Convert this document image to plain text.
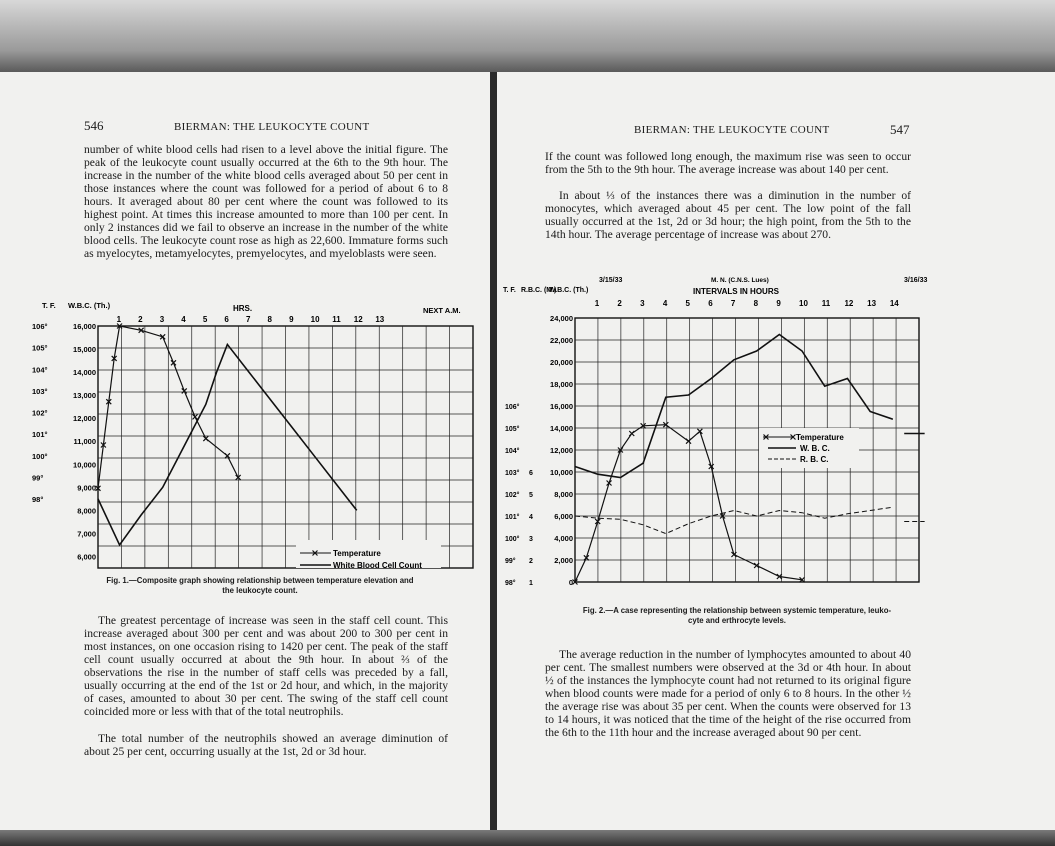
546	BIERMAN: THE LEUKOCYTE COUNT

number of white blood cells had risen to a level above the initial figure. The peak of the leukocyte count usually occurred at the 6th to the 9th hour. The increase in the number of the white blood cells averaged about 50 per cent in those instances where the count was followed for a period of about 6 to 8 hours. It averaged about 80 per cent where the count was followed to its highest point. At times this increase amounted to more than 100 per cent. In only 2 instances did we fail to observe an increase in the number of the white blood cells. The leukocyte count rose as high as 22,600. Immature forms such as myelocytes, metamyelocytes, premyelocytes, and myeloblasts were seen.

T. F. W.B.C. (Th.)	HRS.	NEXT A.M.
1 2 3 4 5 6 7 8 9 10 11 12 13
16,000
15,000
14,000
13,000
12,000
11,000
10,000
9,000
8,000
7,000
6,000
106°
105°
104°
103°
102°
101°
100°
99°
98°
Temperature
White Blood Cell Count
Fig. 1.—Composite graph showing relationship between temperature elevation and
the leukocyte count.

The greatest percentage of increase was seen in the staff cell count. This increase averaged about 300 per cent and was about 200 to 300 per cent in most instances, on one occasion rising to 1420 per cent. The peak of the staff cell count usually occurred at about the 9th hour. In about ⅔ of the observations the rise in the number of staff cells was preceded by a fall, usually occurring at the end of the 1st or 2d hour, and which, in the majority of cases, amounted to about 30 per cent. The swing of the staff cell count coincided more or less with that of the total neutrophils.

The total number of the neutrophils showed an average diminution of about 25 per cent, occurring usually at the 1st, 2d or 3d hour.

BIERMAN: THE LEUKOCYTE COUNT	547

If the count was followed long enough, the maximum rise was seen to occur from the 5th to the 9th hour. The average increase was about 140 per cent.

In about ⅓ of the instances there was a diminution in the number of monocytes, which averaged about 45 per cent. The low point of the fall usually occurred at the 1st, 2d or 3d hour; the high point, from the 5th to the 14th hour. The average percentage of increase was about 270.

3/15/33	M. N. (C.N.S. Lues)	3/16/33
INTERVALS IN HOURS
T. F. R.B.C. (M.)
W.B.C. (Th.)
1 2 3 4 5 6 7 8 9 10 11 12 13 14
24,000
22,000
20,000
18,000
16,000
14,000
12,000
10,000
8,000
6,000
4,000
2,000
0
106°
105°
104°
103°
102°
101°
100°
99°
98°
6
5
4
3
2
1
Temperature
W. B. C.
R. B. C.
Fig. 2.—A case representing the relationship between systemic temperature, leuko-
cyte and erthrocyte levels.

The average reduction in the number of lymphocytes amounted to about 40 per cent. The smallest numbers were observed at the 3d or 4th hour. In about ½ of the instances the lymphocyte count had not returned to its original figure when blood counts were made for a period of only 6 to 8 hours. In the other ½ the average rise was about 35 per cent. When the counts were observed for 13 to 14 hours, it was noticed that the time of the height of the rise occurred from the 6th to the 11th hour and the increase averaged about 90 per cent.
